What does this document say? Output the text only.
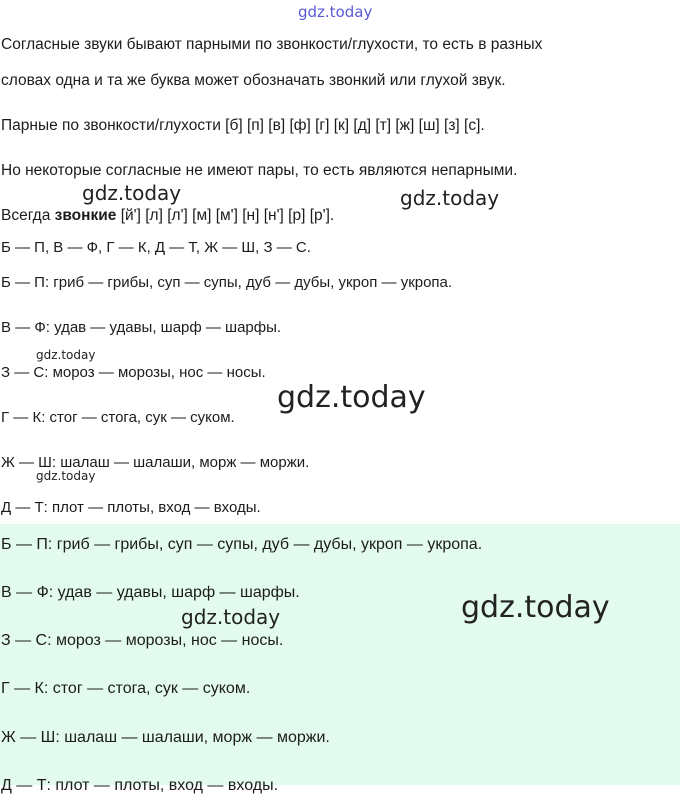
Согласные звуки бывают парными по звонкости/глухости, то есть в разных
словах одна и та же буква может обозначать звонкий или глухой звук.
Парные по звонкости/глухости [б] [п] [в] [ф] [г] [к] [д] [т] [ж] [ш] [з] [с].
Но некоторые согласные не имеют пары, то есть являются непарными.
Всегда звонкие [й'] [л] [л'] [м] [м'] [н] [н'] [р] [р'].
Б — П, В — Ф, Г — К, Д — Т, Ж — Ш, З — С.
Б — П: гриб — грибы, суп — супы, дуб — дубы, укроп — укропа.
В — Ф: удав — удавы, шарф — шарфы.
З — С: мороз — морозы, нос — носы.
Г — К: стог — стога, сук — суком.
Ж — Ш: шалаш — шалаши, морж — моржи.
Д — Т: плот — плоты, вход — входы.
Б — П: гриб — грибы, суп — супы, дуб — дубы, укроп — укропа.
В — Ф: удав — удавы, шарф — шарфы.
З — С: мороз — морозы, нос — носы.
Г — К: стог — стога, сук — суком.
Ж — Ш: шалаш — шалаши, морж — моржи.
Д — Т: плот — плоты, вход — входы.
gdz.today
gdz.today	gdz.today
gdz.today
gdz.today
gdz.today
gdz.today	gdz.today
